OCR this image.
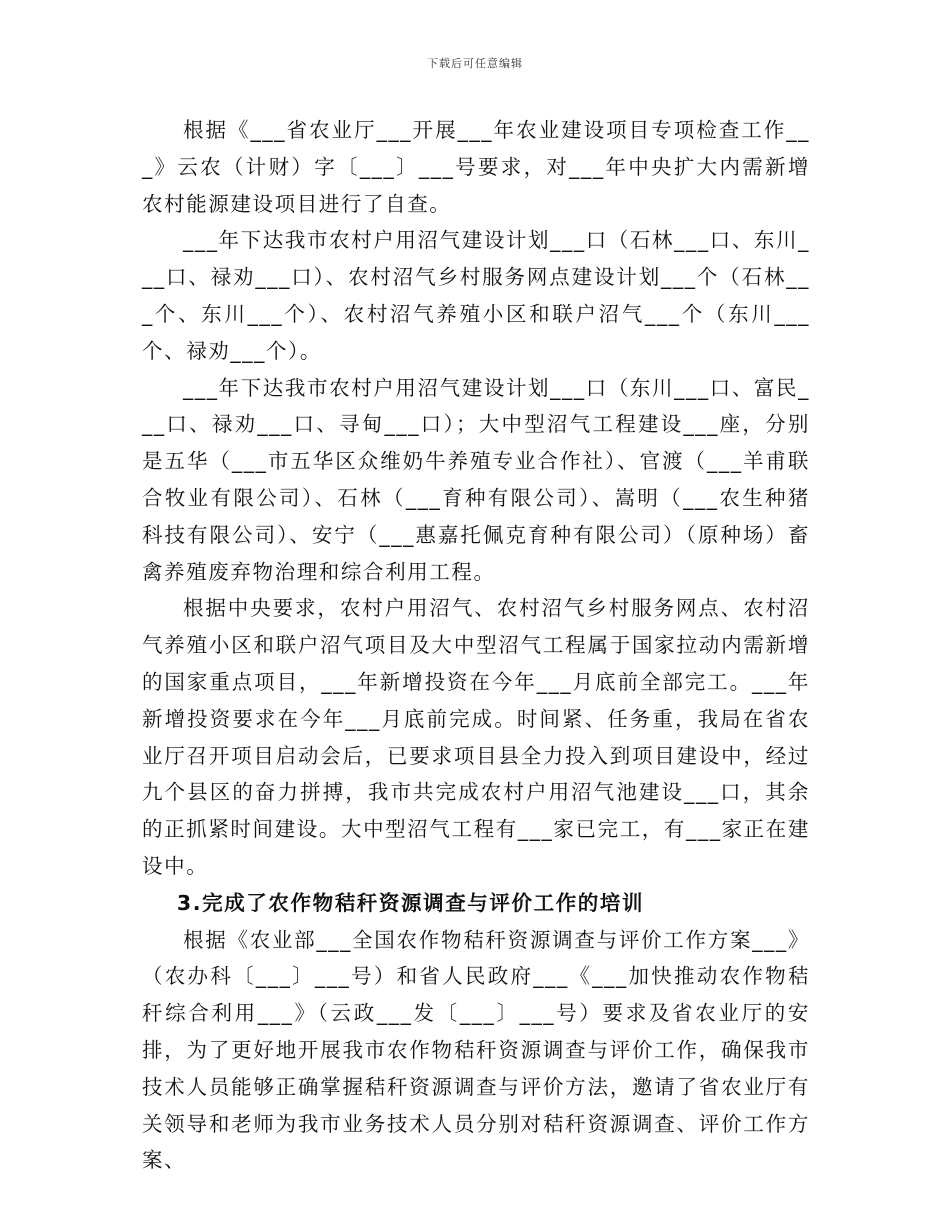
下载后可任意编辑

根据《___省农业厅___开展___年农业建设项目专项检查工作___》云农（计财）字〔___〕___号要求，对___年中央扩大内需新增农村能源建设项目进行了自查。

___年下达我市农村户用沼气建设计划___口（石林___口、东川___口、禄劝___口）、农村沼气乡村服务网点建设计划___个（石林___个、东川___个）、农村沼气养殖小区和联户沼气___个（东川___个、禄劝___个）。

___年下达我市农村户用沼气建设计划___口（东川___口、富民___口、禄劝___口、寻甸___口）；大中型沼气工程建设___座，分别是五华（___市五华区众维奶牛养殖专业合作社）、官渡（___羊甫联合牧业有限公司）、石林（___育种有限公司）、嵩明（___农生种猪科技有限公司）、安宁（___惠嘉托佩克育种有限公司）（原种场）畜禽养殖废弃物治理和综合利用工程。

根据中央要求，农村户用沼气、农村沼气乡村服务网点、农村沼气养殖小区和联户沼气项目及大中型沼气工程属于国家拉动内需新增的国家重点项目，___年新增投资在今年___月底前全部完工。___年新增投资要求在今年___月底前完成。时间紧、任务重，我局在省农业厅召开项目启动会后，已要求项目县全力投入到项目建设中，经过九个县区的奋力拼搏，我市共完成农村户用沼气池建设___口，其余的正抓紧时间建设。大中型沼气工程有___家已完工，有___家正在建设中。

3.完成了农作物秸秆资源调查与评价工作的培训

根据《农业部___全国农作物秸秆资源调查与评价工作方案___》（农办科〔___〕___号）和省人民政府___《___加快推动农作物秸秆综合利用___》（云政___发〔___〕___号）要求及省农业厅的安排，为了更好地开展我市农作物秸秆资源调查与评价工作，确保我市技术人员能够正确掌握秸秆资源调查与评价方法，邀请了省农业厅有关领导和老师为我市业务技术人员分别对秸秆资源调查、评价工作方案、
